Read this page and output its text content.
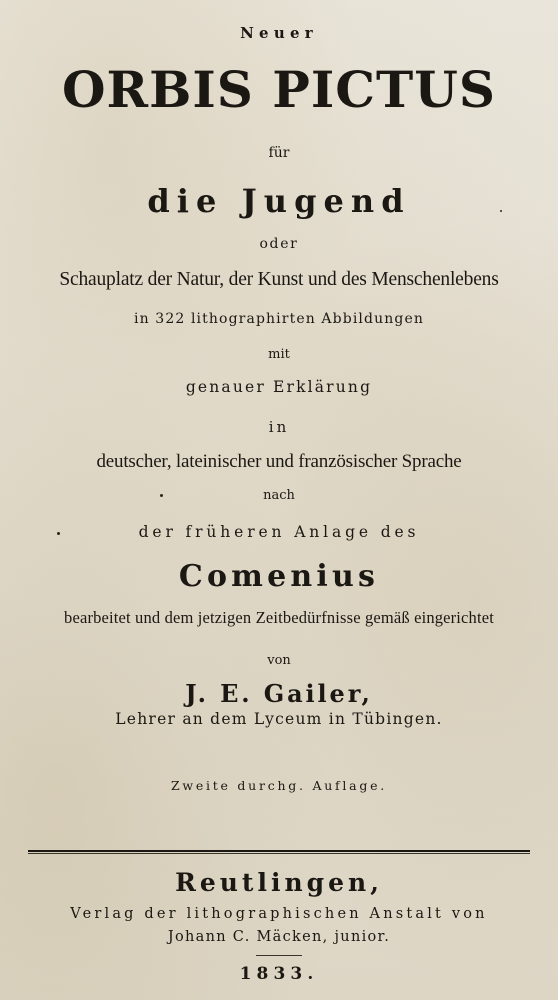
Neuer
ORBIS PICTUS
für
die Jugend
oder
Schauplatz der Natur, der Kunst und des Menschenlebens
in 322 lithographirten Abbildungen
mit
genauer Erklärung
in
deutscher, lateinischer und französischer Sprache
nach
der früheren Anlage des
Comenius
bearbeitet und dem jetzigen Zeitbedürfnisse gemäß eingerichtet
von
J. E. Gailer,
Lehrer an dem Lyceum in Tübingen.
Zweite durchg. Auflage.
Reutlingen,
Verlag der lithographischen Anstalt von
Johann C. Mäcken, junior.
1833.
